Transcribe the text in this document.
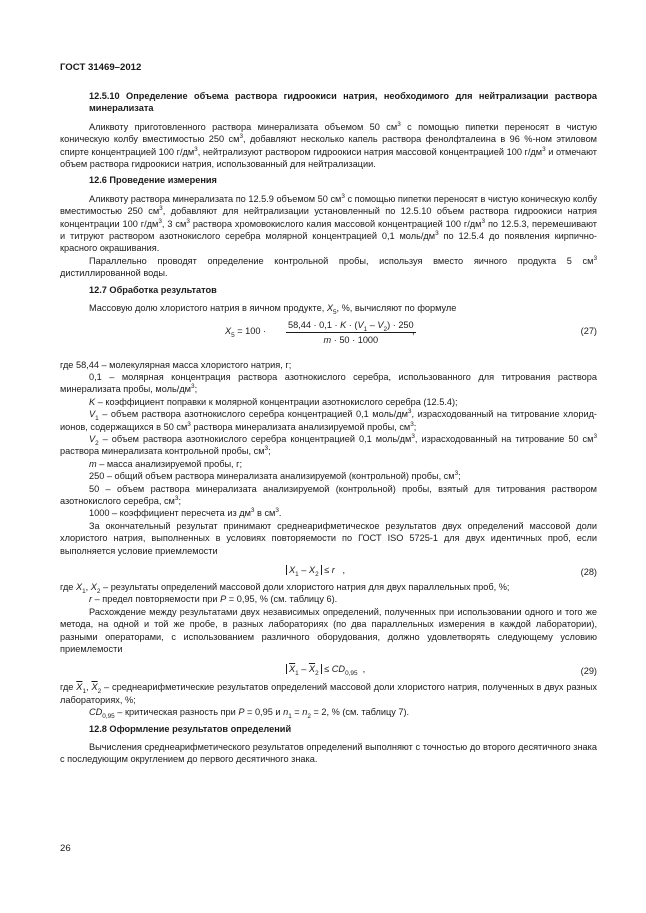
ГОСТ 31469–2012

12.5.10 Определение объема раствора гидроокиси натрия, необходимого для нейтрализации раствора минерализата

Аликвоту приготовленного раствора минерализата объемом 50 $см^3$ с помощью пипетки переносят в чистую коническую колбу вместимостью 250 $см^3$, добавляют несколько капель раствора фенолфталеина в 96 %-ном этиловом спирте концентрацией 100 $г/дм^3$, нейтрализуют раствором гидроокиси натрия массовой концентрацией 100 $г/дм^3$ и отмечают объем раствора гидроокиси натрия, использованный для нейтрализации.

12.6 Проведение измерения

Аликвоту раствора минерализата по 12.5.9 объемом 50 $см^3$ с помощью пипетки переносят в чистую коническую колбу вместимостью 250 $см^3$, добавляют для нейтрализации установленный по 12.5.10 объем раствора гидроокиси натрия концентрации 100 $г/дм^3$, 3 $см^3$ раствора хромовокислого калия массовой концентрацией 100 $г/дм^3$ по 12.5.3, перемешивают и титруют раствором азотнокислого серебра молярной концентрацией 0,1 моль/$дм^3$ по 12.5.4 до появления кирпично-красного окрашивания.

Параллельно проводят определение контрольной пробы, используя вместо яичного продукта 5 $см^3$ дистиллированной воды.

12.7 Обработка результатов

Массовую долю хлористого натрия в яичном продукте, $X_5$, %, вычисляют по формуле

$X_5 = 100 \cdot \frac{58,44 \cdot 0,1 \cdot K \cdot (V_1 - V_2) \cdot 250}{m \cdot 50 \cdot 1000}$
,	(27)

где 58,44 – молекулярная масса хлористого натрия, г;

0,1 – молярная концентрация раствора азотнокислого серебра, использованного для титрования раствора минерализата пробы, моль/$дм^3$;

K – коэффициент поправки к молярной концентрации азотнокислого серебра (12.5.4);

$V_1$ – объем раствора азотнокислого серебра концентрацией 0,1 моль/$дм^3$, израсходованный на титрование хлорид-ионов, содержащихся в 50 $см^3$ раствора минерализата анализируемой пробы, $см^3$;

$V_2$ – объем раствора азотнокислого серебра концентрацией 0,1 моль/$дм^3$, израсходованный на титрование 50 $см^3$ раствора минерализата контрольной пробы, $см^3$;

m – масса анализируемой пробы, г;

250 – общий объем раствора минерализата анализируемой (контрольной) пробы, $см^3$;

50 – объем раствора минерализата анализируемой (контрольной) пробы, взятый для титрования раствором азотнокислого серебра, $см^3$;

1000 – коэффициент пересчета из $дм^3$ в $см^3$.

За окончательный результат принимают среднеарифметическое результатов двух определений массовой доли хлористого натрия, выполненных в условиях повторяемости по ГОСТ ISO 5725-1 для двух идентичных проб, если выполняется условие приемлемости

$X_1 - X_2 \le r$ ,	(28)

где $X_1$, $X_2$ – результаты определений массовой доли хлористого натрия для двух параллельных проб, %;

r – предел повторяемости при P = 0,95, % (см. таблицу 6).

Расхождение между результатами двух независимых определений, полученных при использовании одного и того же метода, на одной и той же пробе, в разных лабораториях (по два параллельных измерения в каждой лаборатории), разными операторами, с использованием различного оборудования, должно удовлетворять следующему условию приемлемости

$\overline{X}_1 - \overline{X}_2 \le CD_{0,95}$ ,	(29)

где $\overline{X}_1$, $\overline{X}_2$ – среднеарифметические результатов определений массовой доли хлористого натрия, полученных в двух разных лабораториях, %;

$CD_{0,95}$ – критическая разность при P = 0,95 и $n_1 = n_2 = 2$, % (см. таблицу 7).

12.8 Оформление результатов определений

Вычисления среднеарифметического результатов определений выполняют с точностью до второго десятичного знака с последующим округлением до первого десятичного знака.

26
